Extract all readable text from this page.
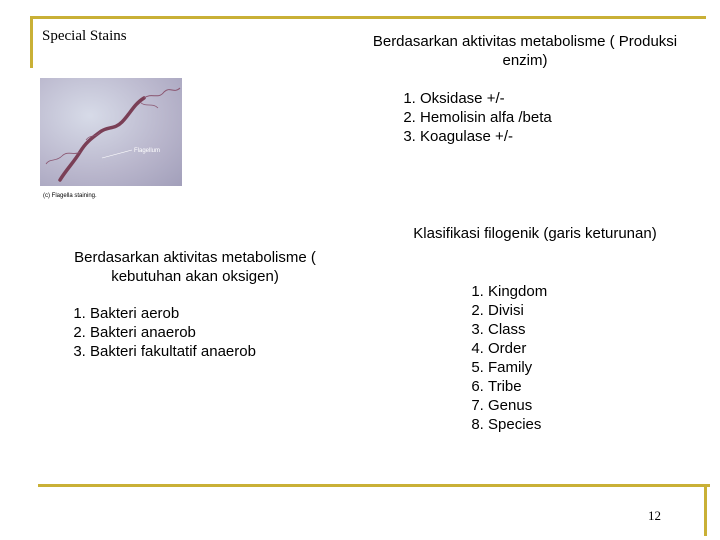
Special Stains	Berdasarkan aktivitas metabolisme ( Produksi enzim)
1. Oksidase +/-
2. Hemolisin alfa /beta
3. Koagulase +/-
Flagellum
(c) Flagella staining.
Berdasarkan aktivitas metabolisme ( kebutuhan akan oksigen)
1. Bakteri aerob
2. Bakteri anaerob
3. Bakteri fakultatif anaerob
Klasifikasi filogenik (garis keturunan)
1. Kingdom
2. Divisi
3. Class
4. Order
5. Family
6. Tribe
7. Genus
8. Species
12
